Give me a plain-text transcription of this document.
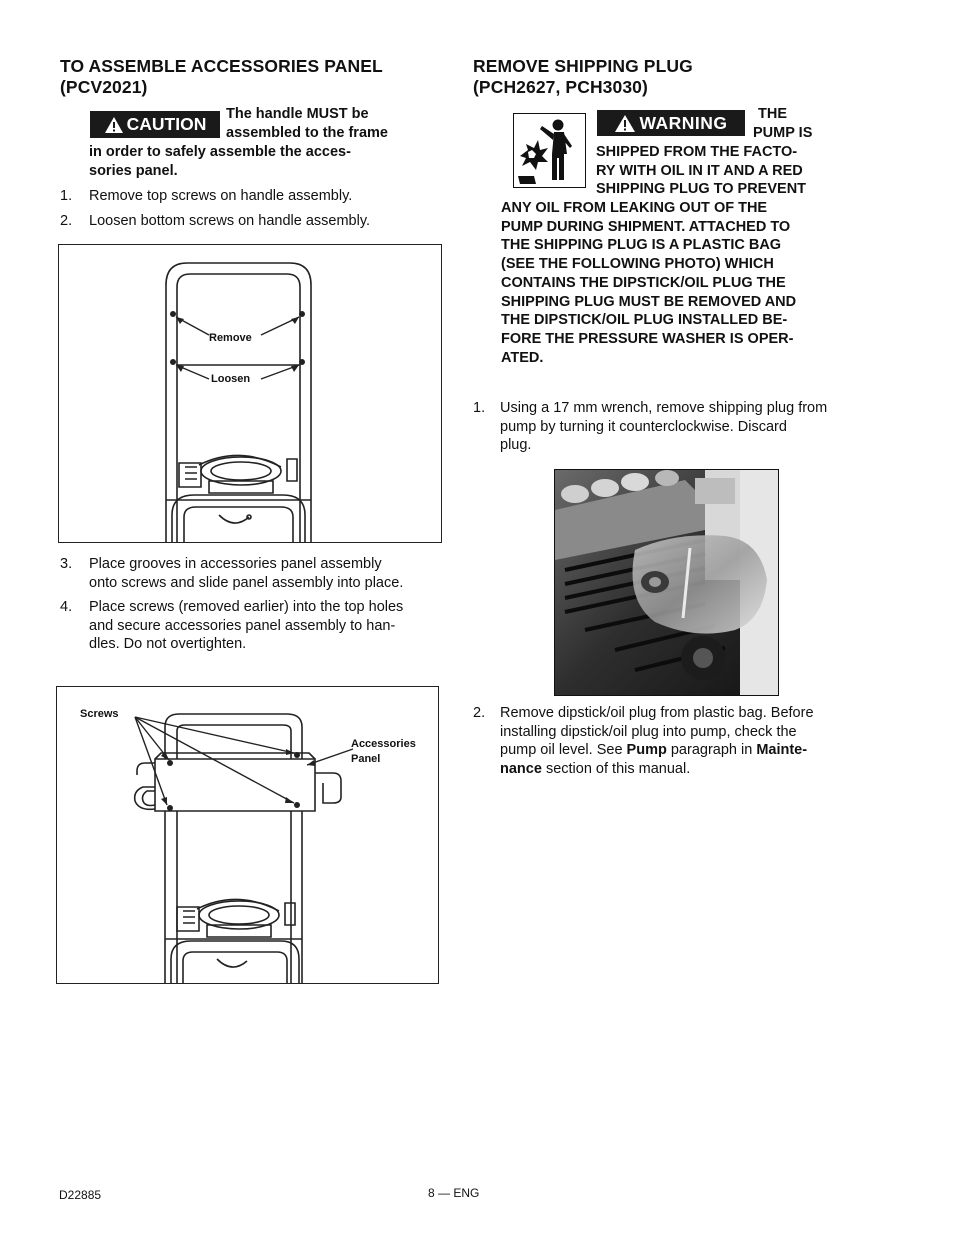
TO ASSEMBLE ACCESSORIES PANEL
(PCV2021)
CAUTION The handle MUST be
assembled to the frame
in order to safely assemble the acces-
sories panel.
1. Remove top screws on handle assembly.
2. Loosen bottom screws on handle assembly.
Remove
Loosen
3. Place grooves in accessories panel assembly
onto screws and slide panel assembly into place.
4. Place screws (removed earlier) into the top holes
and secure accessories panel assembly to han-
dles. Do not overtighten.
Screws
Accessories
Panel
REMOVE SHIPPING PLUG
(PCH2627, PCH3030)
WARNING THE
PUMP IS
SHIPPED FROM THE FACTO-
RY WITH OIL IN IT AND A RED
SHIPPING PLUG TO PREVENT
ANY OIL FROM LEAKING OUT OF THE
PUMP DURING SHIPMENT. ATTACHED TO
THE SHIPPING PLUG IS A PLASTIC BAG
(SEE THE FOLLOWING PHOTO) WHICH
CONTAINS THE DIPSTICK/OIL PLUG THE
SHIPPING PLUG MUST BE REMOVED AND
THE DIPSTICK/OIL PLUG INSTALLED BE-
FORE THE PRESSURE WASHER IS OPER-
ATED.
1. Using a 17 mm wrench, remove shipping plug from
pump by turning it counterclockwise. Discard
plug.
2. Remove dipstick/oil plug from plastic bag. Before
installing dipstick/oil plug into pump, check the
pump oil level. See Pump paragraph in Mainte-
nance section of this manual.
D22885	8 — ENG
